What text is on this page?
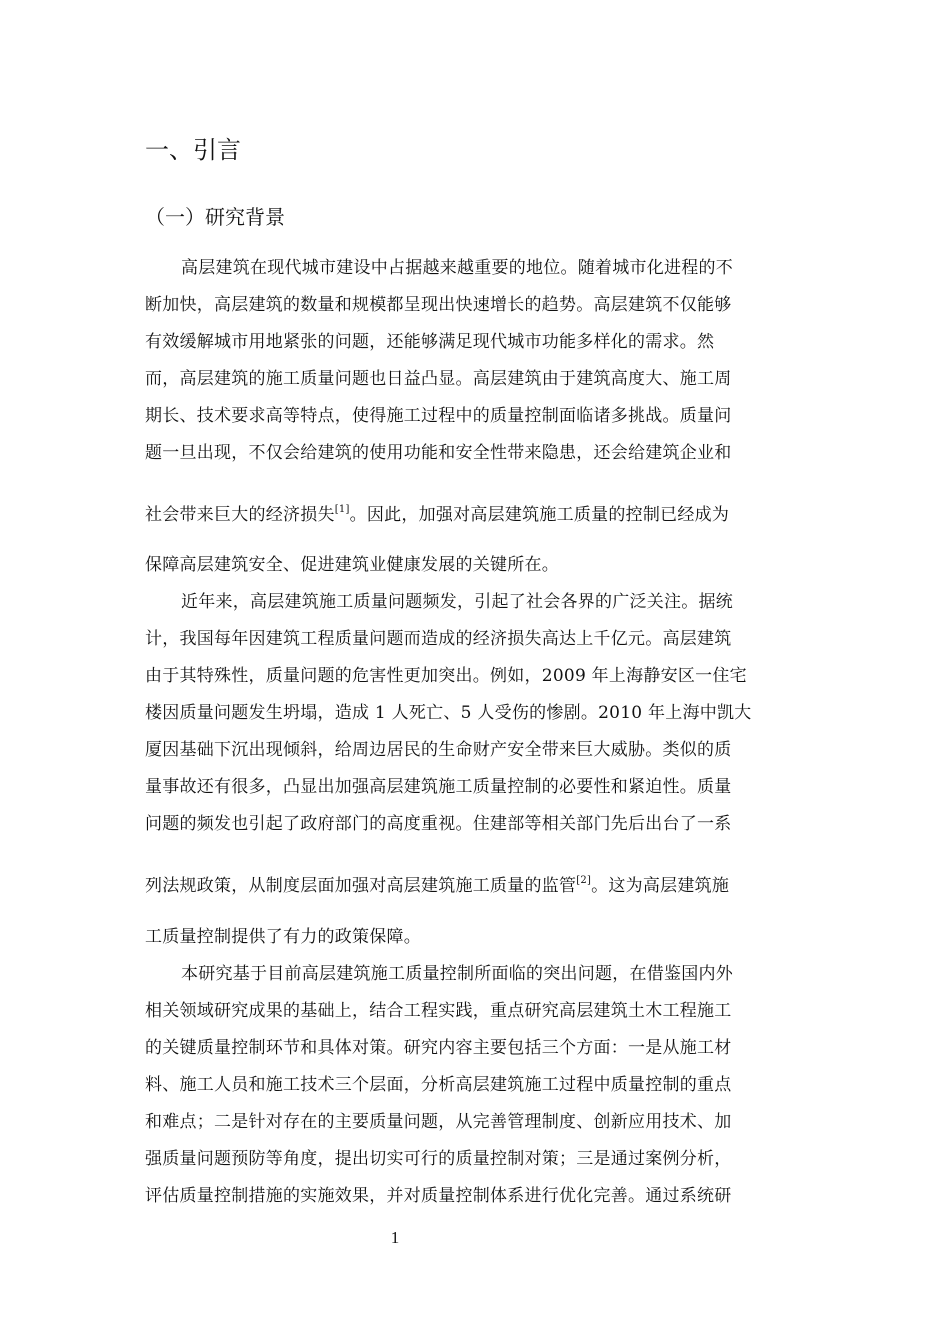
一、引言
（一）研究背景
高层建筑在现代城市建设中占据越来越重要的地位。随着城市化进程的不
断加快，高层建筑的数量和规模都呈现出快速增长的趋势。高层建筑不仅能够
有效缓解城市用地紧张的问题，还能够满足现代城市功能多样化的需求。然
而，高层建筑的施工质量问题也日益凸显。高层建筑由于建筑高度大、施工周
期长、技术要求高等特点，使得施工过程中的质量控制面临诸多挑战。质量问
题一旦出现，不仅会给建筑的使用功能和安全性带来隐患，还会给建筑企业和
社会带来巨大的经济损失[1]。因此，加强对高层建筑施工质量的控制已经成为
保障高层建筑安全、促进建筑业健康发展的关键所在。
近年来，高层建筑施工质量问题频发，引起了社会各界的广泛关注。据统
计，我国每年因建筑工程质量问题而造成的经济损失高达上千亿元。高层建筑
由于其特殊性，质量问题的危害性更加突出。例如，2009 年上海静安区一住宅
楼因质量问题发生坍塌，造成 1 人死亡、5 人受伤的惨剧。2010 年上海中凯大
厦因基础下沉出现倾斜，给周边居民的生命财产安全带来巨大威胁。类似的质
量事故还有很多，凸显出加强高层建筑施工质量控制的必要性和紧迫性。质量
问题的频发也引起了政府部门的高度重视。住建部等相关部门先后出台了一系
列法规政策，从制度层面加强对高层建筑施工质量的监管[2]。这为高层建筑施
工质量控制提供了有力的政策保障。
本研究基于目前高层建筑施工质量控制所面临的突出问题，在借鉴国内外
相关领域研究成果的基础上，结合工程实践，重点研究高层建筑土木工程施工
的关键质量控制环节和具体对策。研究内容主要包括三个方面：一是从施工材
料、施工人员和施工技术三个层面，分析高层建筑施工过程中质量控制的重点
和难点；二是针对存在的主要质量问题，从完善管理制度、创新应用技术、加
强质量问题预防等角度，提出切实可行的质量控制对策；三是通过案例分析，
评估质量控制措施的实施效果，并对质量控制体系进行优化完善。通过系统研
1
